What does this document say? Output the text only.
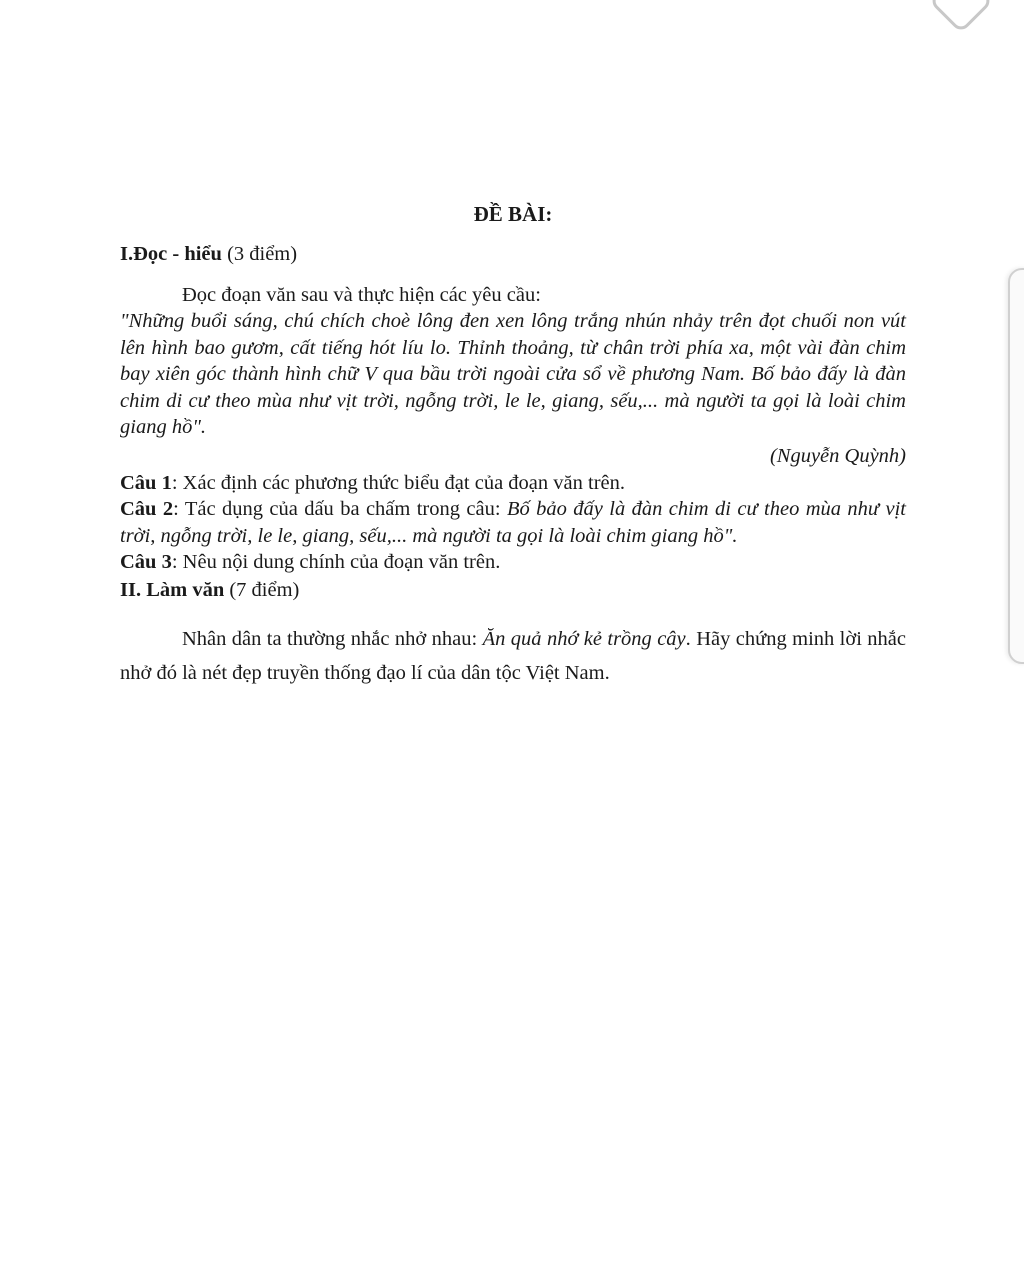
ĐỀ BÀI:
I.Đọc - hiểu (3 điểm)
Đọc đoạn văn sau và thực hiện các yêu cầu:

"Những buổi sáng, chú chích choè lông đen xen lông trắng nhún nhảy trên đọt chuối non vút lên hình bao gươm, cất tiếng hót líu lo. Thỉnh thoảng, từ chân trời phía xa, một vài đàn chim bay xiên góc thành hình chữ V qua bầu trời ngoài cửa sổ về phương Nam. Bố bảo đấy là đàn chim di cư theo mùa như vịt trời, ngỗng trời, le le, giang, sếu,... mà người ta gọi là loài chim giang hồ".

(Nguyễn Quỳnh)

Câu 1: Xác định các phương thức biểu đạt của đoạn văn trên.

Câu 2: Tác dụng của dấu ba chấm trong câu: Bố bảo đấy là đàn chim di cư theo mùa như vịt trời, ngỗng trời, le le, giang, sếu,... mà người ta gọi là loài chim giang hồ".

Câu 3: Nêu nội dung chính của đoạn văn trên.

II. Làm văn (7 điểm)

Nhân dân ta thường nhắc nhở nhau: Ăn quả nhớ kẻ trồng cây. Hãy chứng minh lời nhắc nhở đó là nét đẹp truyền thống đạo lí của dân tộc Việt Nam.
